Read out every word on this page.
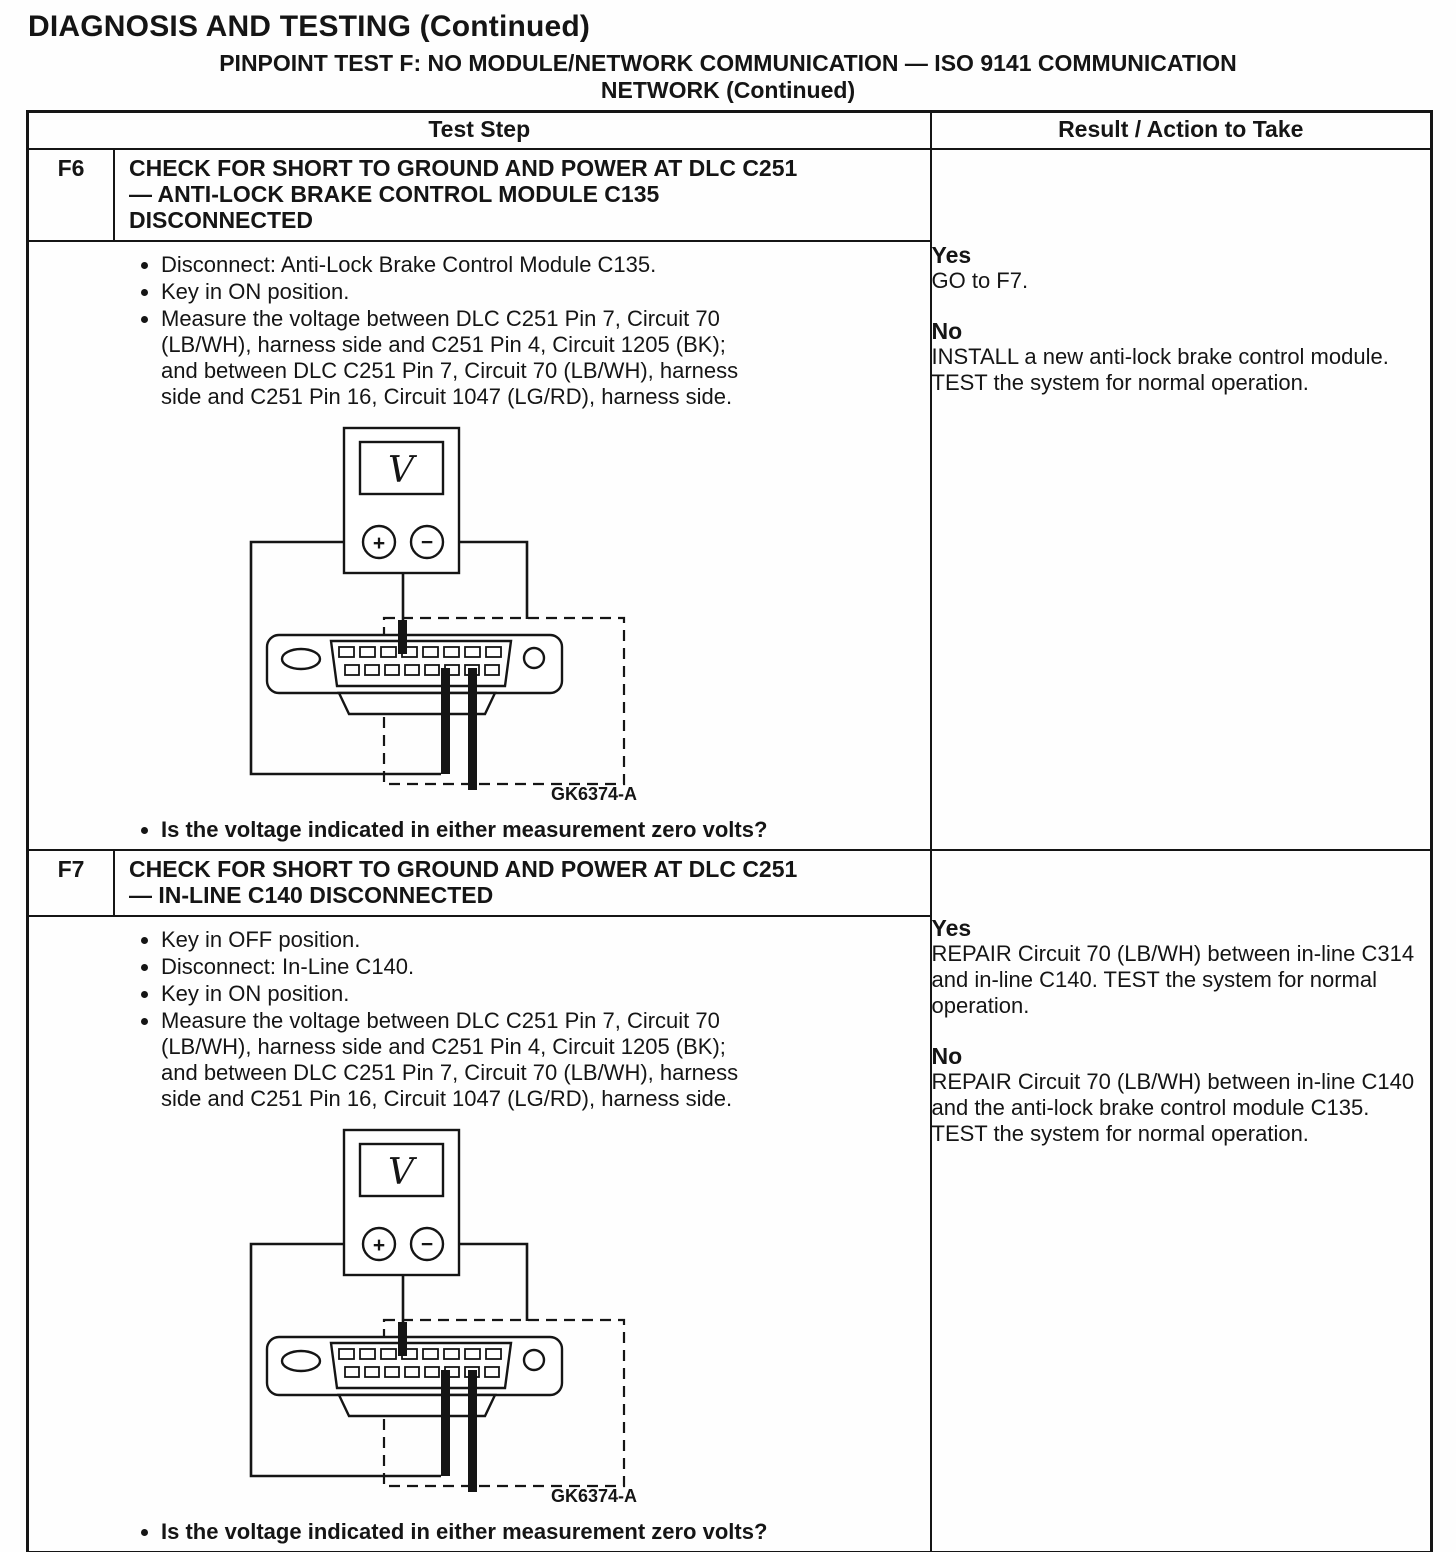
DIAGNOSIS AND TESTING (Continued)
PINPOINT TEST F: NO MODULE/NETWORK COMMUNICATION — ISO 9141 COMMUNICATION
NETWORK (Continued)
Test Step	Result / Action to Take

F6	CHECK FOR SHORT TO GROUND AND POWER AT DLC C251
— ANTI-LOCK BRAKE CONTROL MODULE C135
DISCONNECTED
• Disconnect: Anti-Lock Brake Control Module C135.
• Key in ON position.
• Measure the voltage between DLC C251 Pin 7, Circuit 70 (LB/WH), harness side and C251 Pin 4, Circuit 1205 (BK); and between DLC C251 Pin 7, Circuit 70 (LB/WH), harness side and C251 Pin 16, Circuit 1047 (LG/RD), harness side.
V
+ −
GK6374-A
• Is the voltage indicated in either measurement zero volts?

Yes
GO to F7.
No
INSTALL a new anti-lock brake control module. TEST the system for normal operation.

F7	CHECK FOR SHORT TO GROUND AND POWER AT DLC C251
— IN-LINE C140 DISCONNECTED
• Key in OFF position.
• Disconnect: In-Line C140.
• Key in ON position.
• Measure the voltage between DLC C251 Pin 7, Circuit 70 (LB/WH), harness side and C251 Pin 4, Circuit 1205 (BK); and between DLC C251 Pin 7, Circuit 70 (LB/WH), harness side and C251 Pin 16, Circuit 1047 (LG/RD), harness side.
V
+ −
GK6374-A
• Is the voltage indicated in either measurement zero volts?

Yes
REPAIR Circuit 70 (LB/WH) between in-line C314 and in-line C140. TEST the system for normal operation.
No
REPAIR Circuit 70 (LB/WH) between in-line C140 and the anti-lock brake control module C135. TEST the system for normal operation.
